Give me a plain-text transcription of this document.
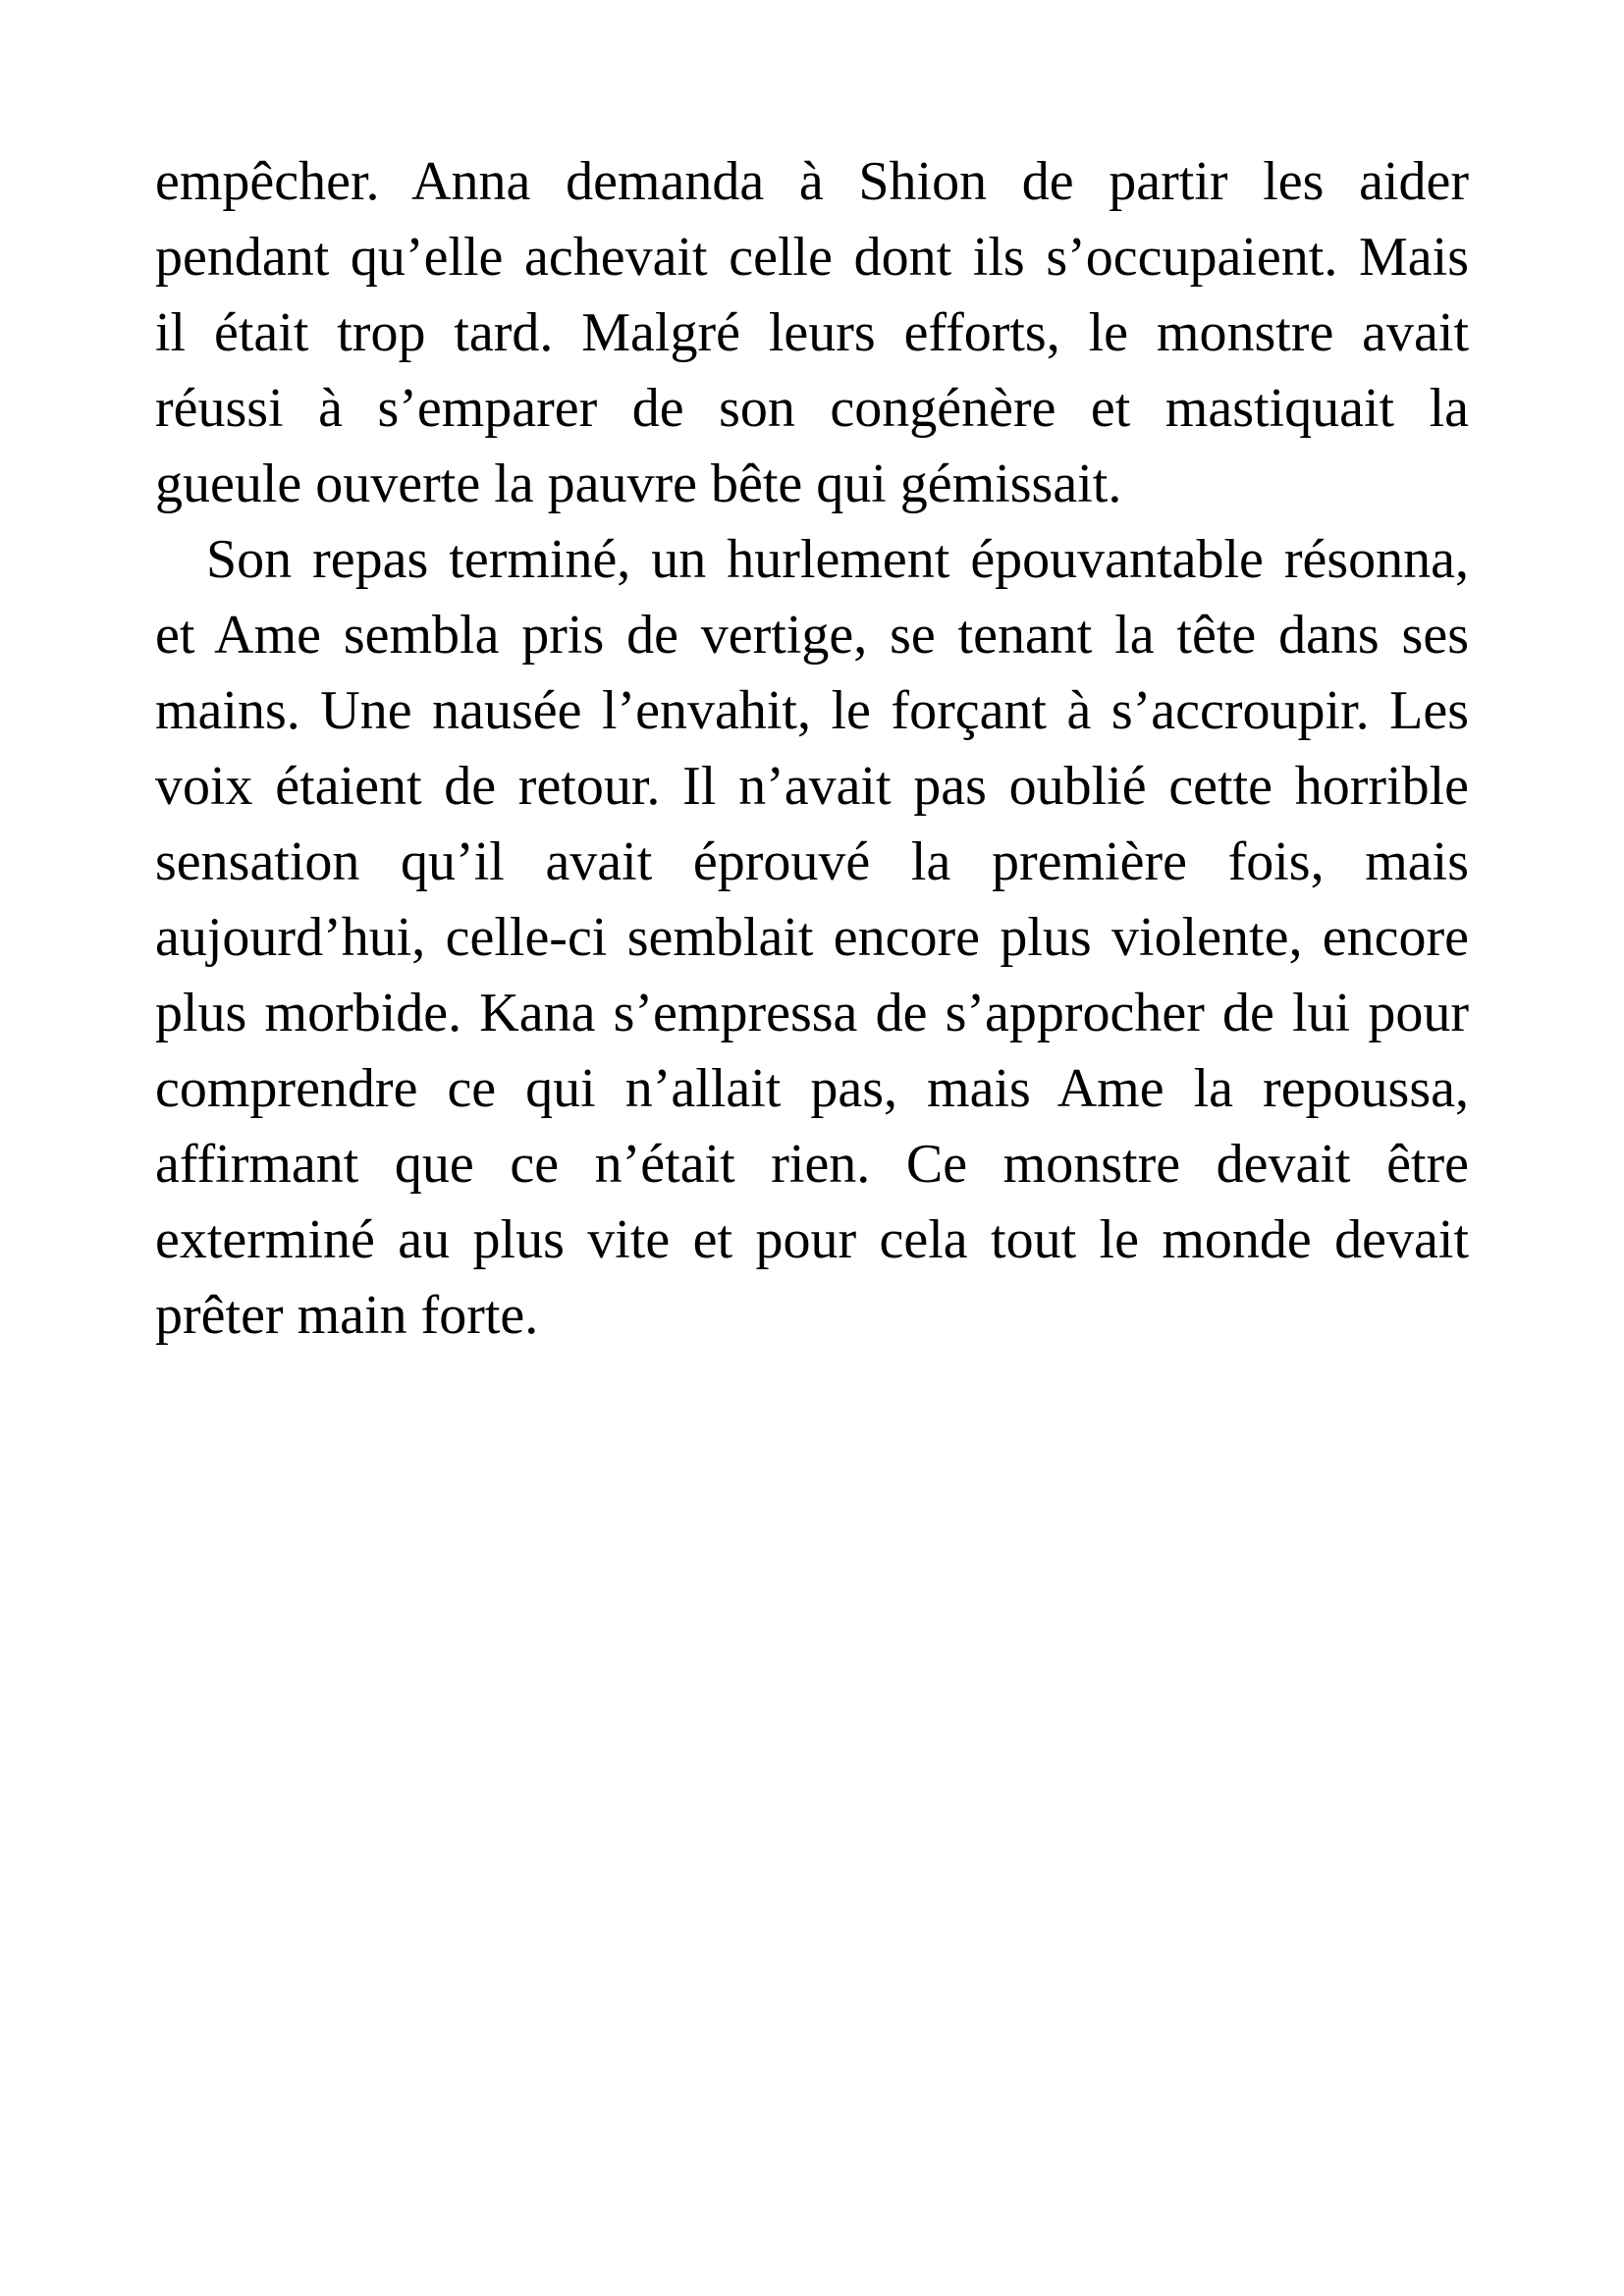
empêcher. Anna demanda à Shion de partir les aider
pendant qu’elle achevait celle dont ils s’occupaient. Mais
il était trop tard. Malgré leurs efforts, le monstre avait
réussi à s’emparer de son congénère et mastiquait la
gueule ouverte la pauvre bête qui gémissait.
Son repas terminé, un hurlement épouvantable résonna,
et Ame sembla pris de vertige, se tenant la tête dans ses
mains. Une nausée l’envahit, le forçant à s’accroupir. Les
voix étaient de retour. Il n’avait pas oublié cette horrible
sensation qu’il avait éprouvé la première fois, mais
aujourd’hui, celle-ci semblait encore plus violente, encore
plus morbide. Kana s’empressa de s’approcher de lui pour
comprendre ce qui n’allait pas, mais Ame la repoussa,
affirmant que ce n’était rien. Ce monstre devait être
exterminé au plus vite et pour cela tout le monde devait
prêter main forte.
